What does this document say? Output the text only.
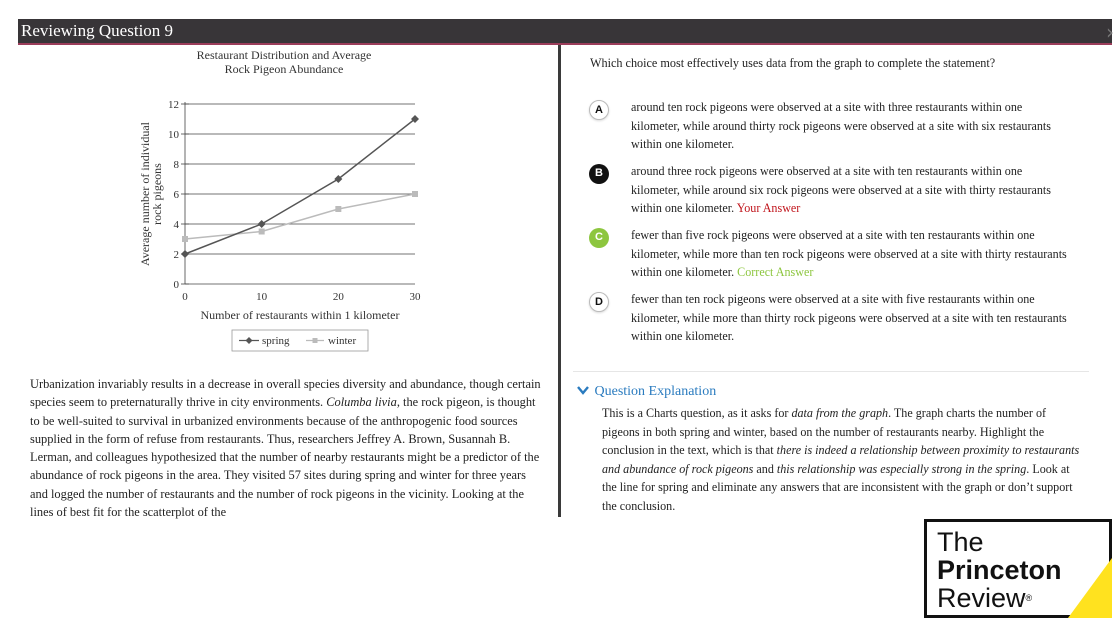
Reviewing Question 9	›
Restaurant Distribution and Average
Rock Pigeon Abundance
0
2
4
6
8
10
12
0	10	20	30
Number of restaurants within 1 kilometer
Average number of individual
rock pigeons
spring	winter
Urbanization invariably results in a decrease in overall species diversity and abundance, though certain species seem to preternaturally thrive in city environments. Columba livia, the rock pigeon, is thought to be well-suited to survival in urbanized environments because of the anthropogenic food sources supplied in the form of refuse from restaurants. Thus, researchers Jeffrey A. Brown, Susannah B. Lerman, and colleagues hypothesized that the number of nearby restaurants might be a predictor of the abundance of rock pigeons in the area. They visited 57 sites during spring and winter for three years and logged the number of restaurants and the number of rock pigeons in the vicinity. Looking at the lines of best fit for the scatterplot of the
Which choice most effectively uses data from the graph to complete the statement?
A	around ten rock pigeons were observed at a site with three restaurants within one kilometer, while around thirty rock pigeons were observed at a site with six restaurants within one kilometer.
B	around three rock pigeons were observed at a site with ten restaurants within one kilometer, while around six rock pigeons were observed at a site with thirty restaurants within one kilometer. Your Answer
C	fewer than five rock pigeons were observed at a site with ten restaurants within one kilometer, while more than ten rock pigeons were observed at a site with thirty restaurants within one kilometer. Correct Answer
D	fewer than ten rock pigeons were observed at a site with five restaurants within one kilometer, while more than thirty rock pigeons were observed at a site with ten restaurants within one kilometer.
Question Explanation
This is a Charts question, as it asks for data from the graph. The graph charts the number of pigeons in both spring and winter, based on the number of restaurants nearby. Highlight the conclusion in the text, which is that there is indeed a relationship between proximity to restaurants and abundance of rock pigeons and this relationship was especially strong in the spring. Look at the line for spring and eliminate any answers that are inconsistent with the graph or don’t support the conclusion.
The
Princeton
Review®
